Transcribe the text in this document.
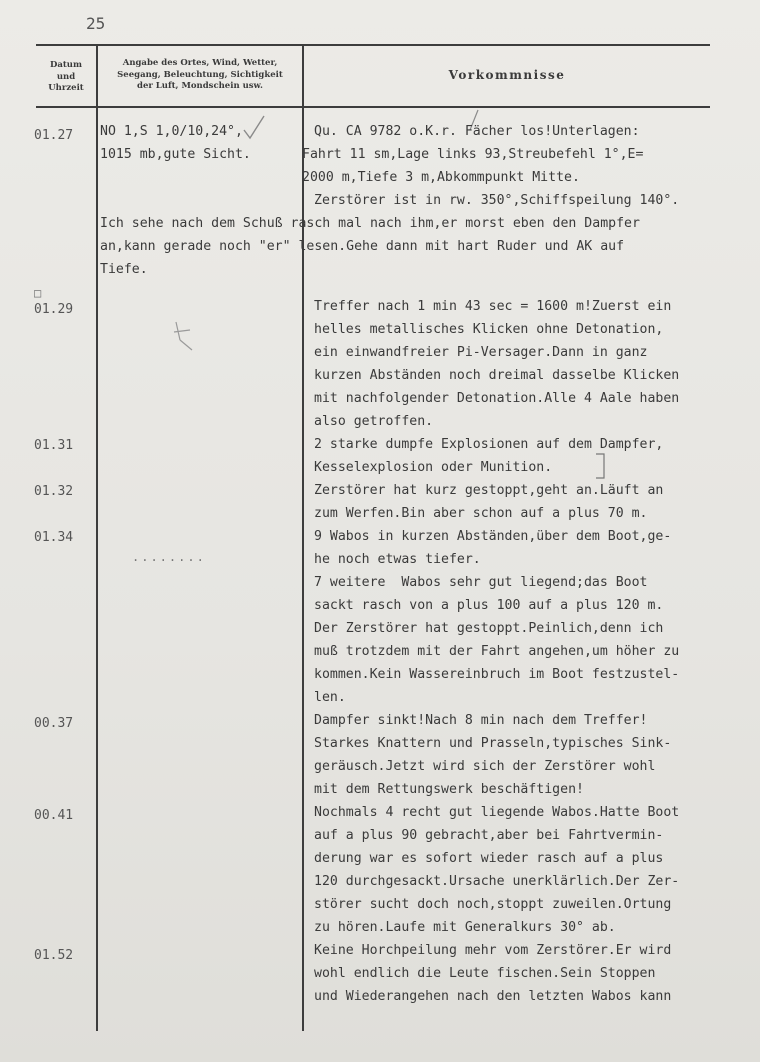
25
Datum
und
Uhrzeit
Angabe des Ortes, Wind, Wetter,
Seegang, Beleuchtung, Sichtigkeit
der Luft, Mondschein usw.
Vorkommnisse
□
01.27
01.29
01.31
01.32
01.34
00.37
00.41
01.52
........
NO 1,S 1,0/10,24°,
1015 mb,gute Sicht.
Qu. CA 9782 o.K.r. Fächer los!Unterlagen:
Fahrt 11 sm,Lage links 93,Streubefehl 1°,E=
2000 m,Tiefe 3 m,Abkommpunkt Mitte.
Zerstörer ist in rw. 350°,Schiffspeilung 140°.
Ich sehe nach dem Schuß rasch mal nach ihm,er morst eben den Dampfer
an,kann gerade noch "er" lesen.Gehe dann mit hart Ruder und AK auf
Tiefe.
Treffer nach 1 min 43 sec = 1600 m!Zuerst ein
helles metallisches Klicken ohne Detonation,
ein einwandfreier Pi-Versager.Dann in ganz
kurzen Abständen noch dreimal dasselbe Klicken
mit nachfolgender Detonation.Alle 4 Aale haben
also getroffen.
2 starke dumpfe Explosionen auf dem Dampfer,
Kesselexplosion oder Munition.
Zerstörer hat kurz gestoppt,geht an.Läuft an
zum Werfen.Bin aber schon auf a plus 70 m.
9 Wabos in kurzen Abständen,über dem Boot,ge-
he noch etwas tiefer.
7 weitere  Wabos sehr gut liegend;das Boot
sackt rasch von a plus 100 auf a plus 120 m.
Der Zerstörer hat gestoppt.Peinlich,denn ich
muß trotzdem mit der Fahrt angehen,um höher zu
kommen.Kein Wassereinbruch im Boot festzustel-
len.
Dampfer sinkt!Nach 8 min nach dem Treffer!
Starkes Knattern und Prasseln,typisches Sink-
geräusch.Jetzt wird sich der Zerstörer wohl
mit dem Rettungswerk beschäftigen!
Nochmals 4 recht gut liegende Wabos.Hatte Boot
auf a plus 90 gebracht,aber bei Fahrtvermin-
derung war es sofort wieder rasch auf a plus
120 durchgesackt.Ursache unerklärlich.Der Zer-
störer sucht doch noch,stoppt zuweilen.Ortung
zu hören.Laufe mit Generalkurs 30° ab.
Keine Horchpeilung mehr vom Zerstörer.Er wird
wohl endlich die Leute fischen.Sein Stoppen
und Wiederangehen nach den letzten Wabos kann
